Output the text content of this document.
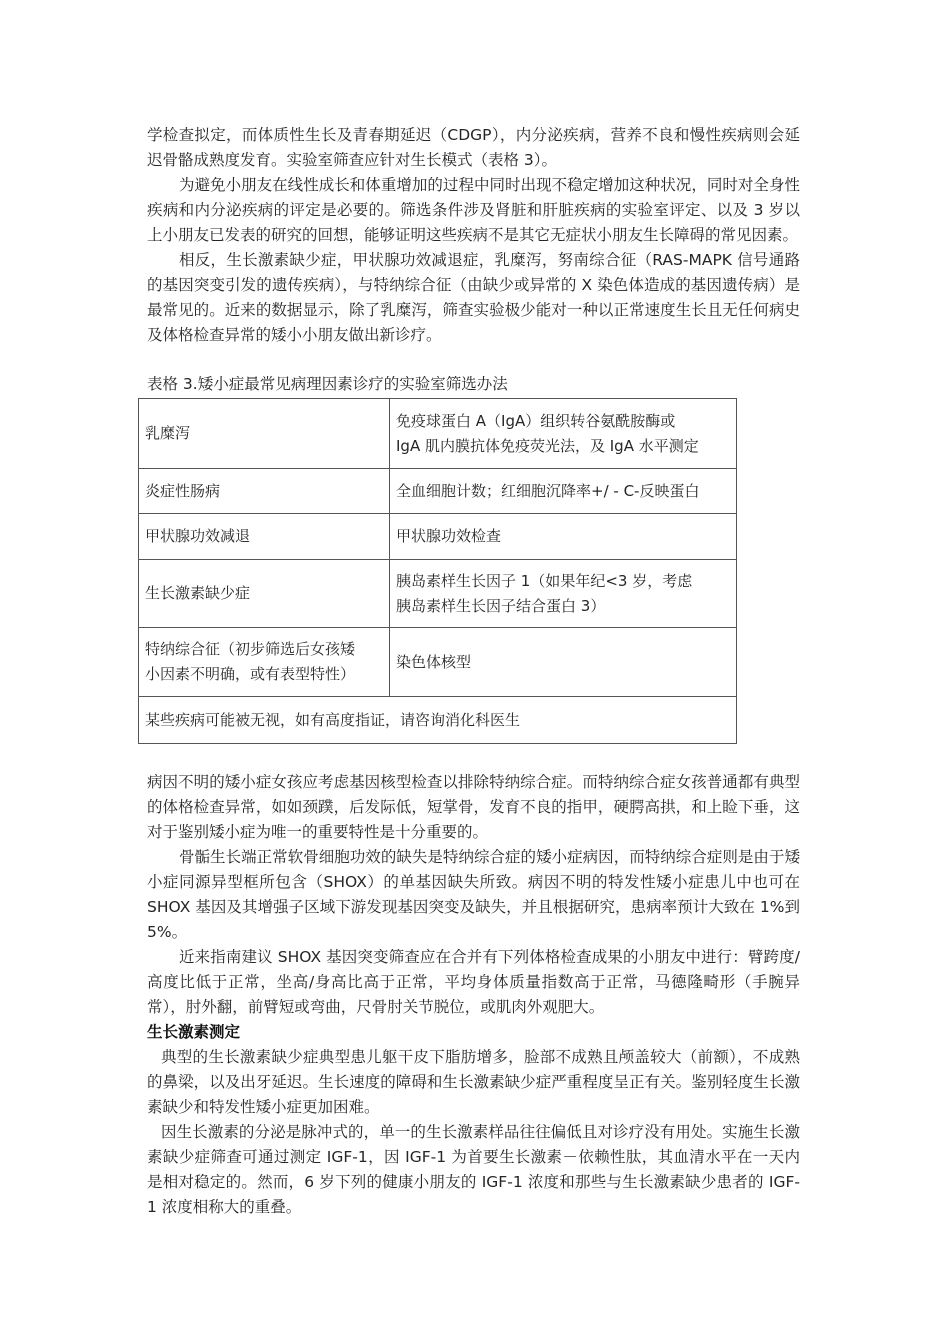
学检查拟定，而体质性生长及青春期延迟（CDGP），内分泌疾病，营养不良和慢性疾病则会延迟骨骼成熟度发育。实验室筛查应针对生长模式（表格 3）。

为避免小朋友在线性成长和体重增加的过程中同时出现不稳定增加这种状况，同时对全身性疾病和内分泌疾病的评定是必要的。筛选条件涉及肾脏和肝脏疾病的实验室评定、以及 3 岁以上小朋友已发表的研究的回想，能够证明这些疾病不是其它无症状小朋友生长障碍的常见因素。

相反，生长激素缺少症，甲状腺功效减退症，乳糜泻，努南综合征（RAS-MAPK 信号通路的基因突变引发的遗传疾病），与特纳综合征（由缺少或异常的 X 染色体造成的基因遗传病）是最常见的。近来的数据显示，除了乳糜泻，筛查实验极少能对一种以正常速度生长且无任何病史及体格检查异常的矮小小朋友做出新诊疗。

表格 3.矮小症最常见病理因素诊疗的实验室筛选办法

乳糜泻	免疫球蛋白 A（IgA）组织转谷氨酰胺酶或
IgA 肌内膜抗体免疫荧光法，及 IgA 水平测定

炎症性肠病	全血细胞计数；红细胞沉降率+/ - C-反映蛋白
甲状腺功效减退	甲状腺功效检查
生长激素缺少症	胰岛素样生长因子 1（如果年纪<3 岁，考虑
胰岛素样生长因子结合蛋白 3）

特纳综合征（初步筛选后女孩矮
小因素不明确，或有表型特性）	染色体核型
某些疾病可能被无视，如有高度指证，请咨询消化科医生	

病因不明的矮小症女孩应考虑基因核型检查以排除特纳综合症。而特纳综合症女孩普通都有典型的体格检查异常，如如颈蹼，后发际低，短掌骨，发育不良的指甲，硬腭高拱，和上睑下垂，这对于鉴别矮小症为唯一的重要特性是十分重要的。

骨骺生长端正常软骨细胞功效的缺失是特纳综合症的矮小症病因，而特纳综合症则是由于矮小症同源异型框所包含（SHOX）的单基因缺失所致。病因不明的特发性矮小症患儿中也可在 SHOX 基因及其增强子区域下游发现基因突变及缺失，并且根据研究，患病率预计大致在 1%到 5%。

近来指南建议 SHOX 基因突变筛查应在合并有下列体格检查成果的小朋友中进行：臂跨度/高度比低于正常，坐高/身高比高于正常，平均身体质量指数高于正常，马德隆畸形（手腕异常），肘外翻，前臂短或弯曲，尺骨肘关节脱位，或肌肉外观肥大。

生长激素测定

典型的生长激素缺少症典型患儿躯干皮下脂肪增多，脸部不成熟且颅盖较大（前额），不成熟的鼻梁，以及出牙延迟。生长速度的障碍和生长激素缺少症严重程度呈正有关。鉴别轻度生长激素缺少和特发性矮小症更加困难。

因生长激素的分泌是脉冲式的，单一的生长激素样品往往偏低且对诊疗没有用处。实施生长激素缺少症筛查可通过测定 IGF-1，因 IGF-1 为首要生长激素－依赖性肽，其血清水平在一天内是相对稳定的。然而，6 岁下列的健康小朋友的 IGF-1 浓度和那些与生长激素缺少患者的 IGF-1 浓度相称大的重叠。
